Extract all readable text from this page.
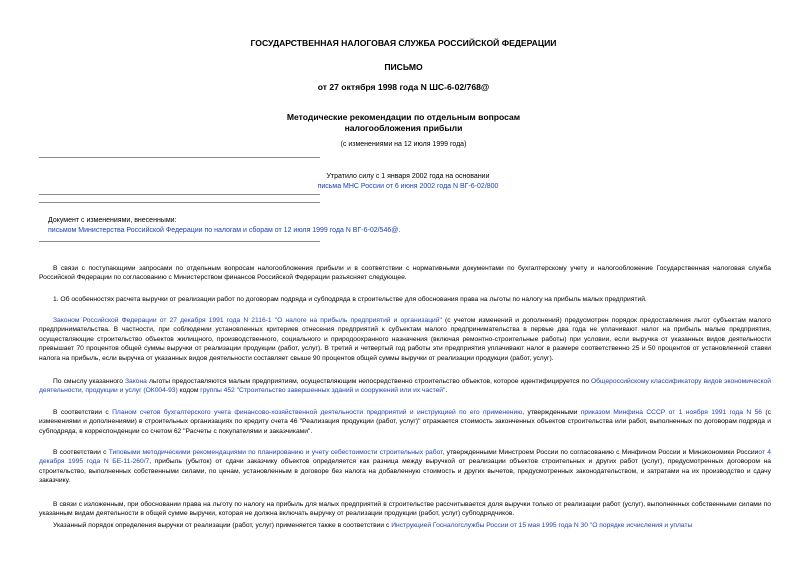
ГОСУДАРСТВЕННАЯ НАЛОГОВАЯ СЛУЖБА РОССИЙСКОЙ ФЕДЕРАЦИИ
ПИСЬМО
от 27 октября 1998 года N ШС-6-02/768@
Методические рекомендации по отдельным вопросам
налогообложения прибыли
(с изменениями на 12 июля 1999 года)
Утратило силу с 1 января 2002 года на основании
письма МНС России от 6 июня 2002 года N ВГ-6-02/800
Документ с изменениями, внесенными:
письмом Министерства Российской Федерации по налогам и сборам от 12 июля 1999 года N ВГ-6-02/546@.
В связи с поступающими запросами по отдельным вопросам налогообложения прибыли и в соответствии с нормативными документами по бухгалтерскому учету и налогообложение Государственная налоговая служба Российской Федерации по согласованию с Министерством финансов Российской Федерации разъясняет следующее.
1. Об особенностях расчета выручки от реализации работ по договорам подряда и субподряда в строительстве для обоснования права на льготы по налогу на прибыль малых предприятий.
Законом Российской Федерации от 27 декабря 1991 года N 2116-1 "О налоге на прибыль предприятий и организаций" (с учетом изменений и дополнений) предусмотрен порядок предоставления льгот субъектам малого предпринимательства. В частности, при соблюдении установленных критериев отнесения предприятий к субъектам малого предпринимательства в первые два года не уплачивают налог на прибыль малые предприятия, осуществляющие строительство объектов жилищного, производственного, социального и природоохранного назначения (включая ремонтно-строительные работы) при условии, если выручка от указанных видов деятельности превышает 70 процентов общей суммы выручки от реализации продукции (работ, услуг). В третий и четвертый год работы эти предприятия уплачивают налог в размере соответственно 25 и 50 процентов от установленной ставки налога на прибыль, если выручка от указанных видов деятельности составляет свыше 90 процентов общей суммы выручки от реализации продукции (работ, услуг).
По смыслу указанного Закона льготы предоставляются малым предприятиям, осуществляющим непосредственно строительство объектов, которое идентифицируется по Общероссийскому классификатору видов экономической деятельности, продукции и услуг (ОК004-93) кодом группы 452 "Строительство завершенных зданий и сооружений или их частей".
В соответствии с Планом счетов бухгалтерского учета финансово-хозяйственной деятельности предприятий и инструкцией по его применению, утвержденными приказом Минфина СССР от 1 ноября 1991 года N 56 (с изменениями и дополнениями) в строительных организациях по кредиту счета 46 "Реализация продукции (работ, услуг)" отражается стоимость законченных объектов строительства или работ, выполненных по договорам подряда и субподряда, в корреспонденции со счетом 62 "Расчеты с покупателями и заказчиками".
В соответствии с Типовыми методическими рекомендациями по планированию и учету себестоимости строительных работ, утвержденными Минстроем России по согласованию с Минфином России и Минэкономики Россииот 4 декабря 1995 года N БЕ-11-260/7, прибыль (убыток) от сдачи заказчику объектов определяется как разница между выручкой от реализации объектов строительных и других работ (услуг), предусмотренных договором на строительство, выполненных собственными силами, по ценам, установленным в договоре без налога на добавленную стоимость и других вычетов, предусмотренных законодательством, и затратами на их производство и сдачу заказчику.
В связи с изложенным, при обосновании права на льготу по налогу на прибыль для малых предприятий в строительстве рассчитывается доля выручки только от реализации работ (услуг), выполненных собственными силами по указанным видам деятельности в общей сумме выручки, которая не должна включать выручку от реализации продукции (работ, услуг) субподрядчиков.
Указанный порядок определения выручки от реализации (работ, услуг) применяется также в соответствии с Инструкцией Госналогслужбы России от 15 мая 1995 года N 30 "О порядке исчисления и уплаты
